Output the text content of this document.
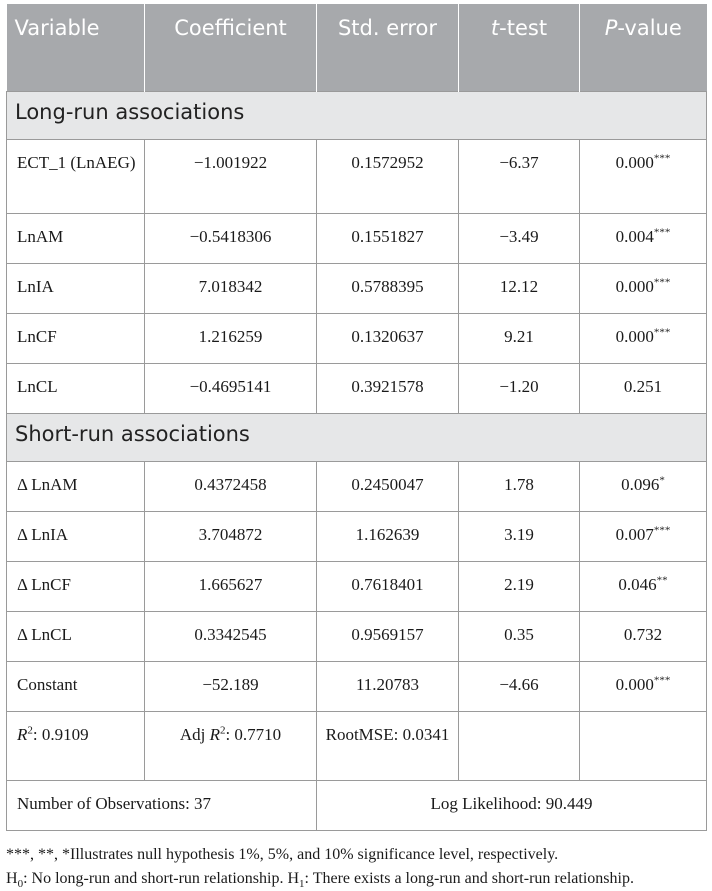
Variable	Coefficient	Std. error	t-test	P-value
Long-run associations				
ECT_1 (LnAEG)	−1.001922	0.1572952	−6.37	0.000***
LnAM	−0.5418306	0.1551827	−3.49	0.004***
LnIA	7.018342	0.5788395	12.12	0.000***
LnCF	1.216259	0.1320637	9.21	0.000***
LnCL	−0.4695141	0.3921578	−1.20	0.251
Short-run associations				
Δ LnAM	0.4372458	0.2450047	1.78	0.096*
Δ LnIA	3.704872	1.162639	3.19	0.007***
Δ LnCF	1.665627	0.7618401	2.19	0.046**
Δ LnCL	0.3342545	0.9569157	0.35	0.732
Constant	−52.189	11.20783	−4.66	0.000***
$R^2$: 0.9109	Adj $R^2$: 0.7710	RootMSE: 0.0341		
Number of Observations: 37		Log Likelihood: 90.449		

***, **, *Illustrates null hypothesis 1%, 5%, and 10% significance level, respectively.

$H_0$: No long-run and short-run relationship. $H_1$: There exists a long-run and short-run relationship.
